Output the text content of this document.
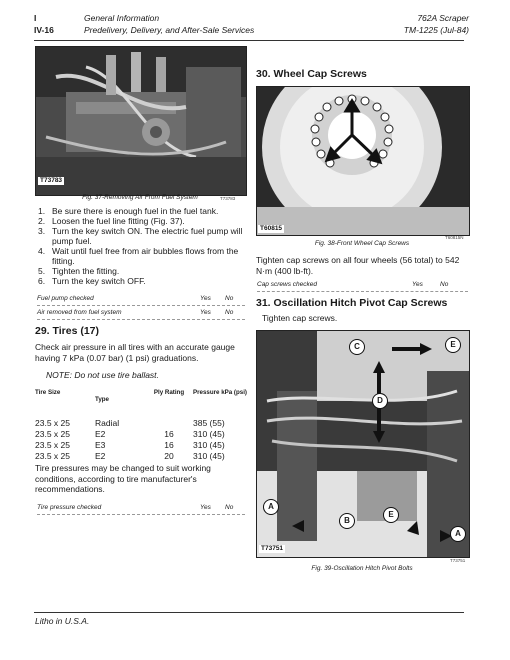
I
IV-16
General Information
Predelivery, Delivery, and After-Sale Services
762A Scraper
TM-1225 (Jul-84)
T73783
T73783
Fig. 37-Removing Air From Fuel System
1. Be sure there is enough fuel in the fuel tank.
2. Loosen the fuel line fitting (Fig. 37).
3. Turn the key switch ON. The electric fuel pump will pump fuel.
4. Wait until fuel free from air bubbles flows from the fitting.
5. Tighten the fitting.
6. Turn the key switch OFF.
Fuel pump checked	Yes No
Air removed from fuel system	Yes No
29. Tires (17)
Check air pressure in all tires with an accurate gauge having 7 kPa (0.07 bar) (1 psi) graduations.
NOTE: Do not use tire ballast.
Tire Size	Type	Ply Rating	Pressure kPa (psi)

23.5 x 25	Radial		385 (55)
23.5 x 25	E2	16	310 (45)
23.5 x 25	E3	16	310 (45)
23.5 x 25	E2	20	310 (45)
Tire pressures may be changed to suit working conditions, according to tire manufacturer's recommendations.
Tire pressure checked	Yes No
30. Wheel Cap Screws
T60815
T60815N
Fig. 38-Front Wheel Cap Screws
Tighten cap screws on all four wheels (56 total) to 542 N·m (400 lb-ft).
Cap screws checked	Yes	No
31. Oscillation Hitch Pivot Cap Screws
Tighten cap screws.
C	E
D
A
B
E
A
T73751
T73751
Fig. 39-Oscillation Hitch Pivot Bolts
Litho in U.S.A.
